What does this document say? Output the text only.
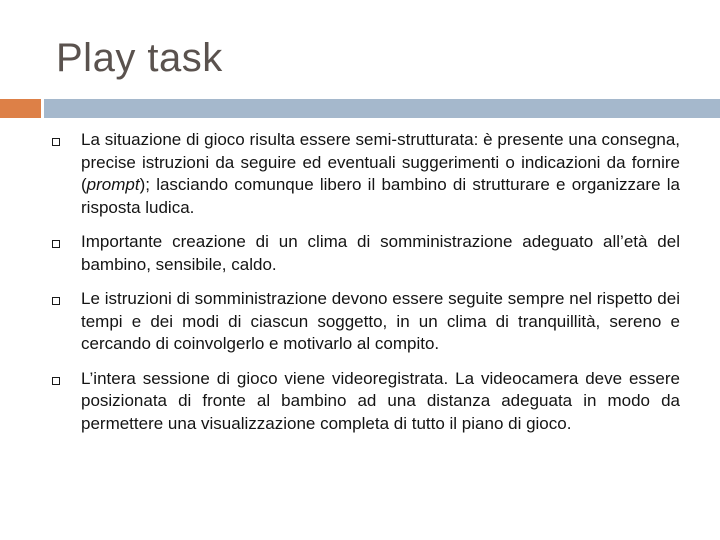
Play task
La situazione di gioco risulta essere semi-strutturata: è presente una consegna, precise istruzioni da seguire ed eventuali suggerimenti o indicazioni da fornire (prompt); lasciando comunque libero il bambino di strutturare e organizzare la risposta ludica.
Importante creazione di un clima di somministrazione adeguato all’età del bambino, sensibile, caldo.
Le istruzioni di somministrazione devono essere seguite sempre nel rispetto dei tempi e dei modi di ciascun soggetto, in un clima di tranquillità, sereno e cercando di coinvolgerlo e motivarlo al compito.
L’intera sessione di gioco viene videoregistrata. La videocamera deve essere posizionata di fronte al bambino ad una distanza adeguata in modo da permettere una visualizzazione completa di tutto il piano di gioco.
